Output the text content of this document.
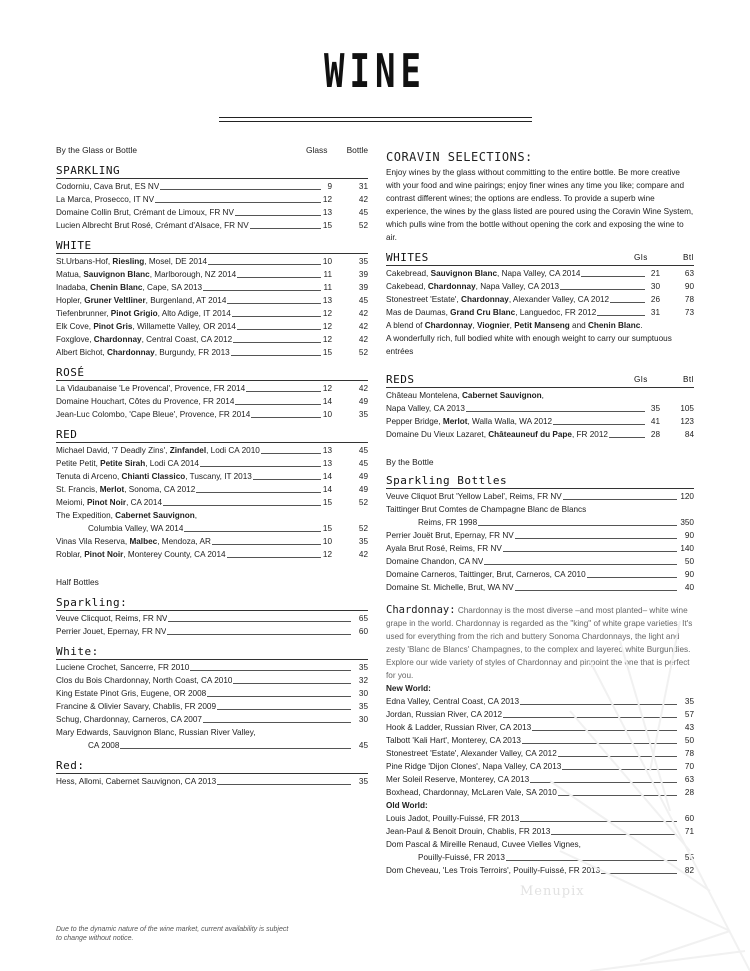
WINE
By the Glass or Bottle	Glass	Bottle
SPARKLING
Codorniu, Cava Brut, ES NV	9	31
La Marca, Prosecco, IT NV	12	42
Domaine Collin Brut, Crémant de Limoux, FR NV	13	45
Lucien Albrecht Brut Rosé, Crémant d'Alsace, FR NV	15	52
WHITE
St.Urbans-Hof, Riesling, Mosel, DE 2014	10	35
Matua, Sauvignon Blanc, Marlborough, NZ 2014	11	39
Inadaba, Chenin Blanc, Cape, SA 2013	11	39
Hopler, Gruner Veltliner, Burgenland, AT 2014	13	45
Tiefenbrunner, Pinot Grigio, Alto Adige, IT 2014	12	42
Elk Cove, Pinot Gris, Willamette Valley, OR 2014	12	42
Foxglove, Chardonnay, Central Coast, CA 2012	12	42
Albert Bichot, Chardonnay, Burgundy, FR 2013	15	52
ROSÉ
La Vidaubanaise 'Le Provencal', Provence, FR 2014	12	42
Domaine Houchart, Côtes du Provence, FR 2014	14	49
Jean-Luc Colombo, 'Cape Bleue', Provence, FR 2014	10	35
RED
Michael David, '7 Deadly Zins', Zinfandel, Lodi CA 2010	13	45
Petite Petit, Petite Sirah, Lodi CA 2014	13	45
Tenuta di Arceno, Chianti Classico, Tuscany, IT 2013	14	49
St. Francis, Merlot, Sonoma, CA 2012	14	49
Meiomi, Pinot Noir, CA 2014	15	52
The Expedition, Cabernet Sauvignon,
Columbia Valley, WA 2014	15	52
Vinas Vila Reserva, Malbec, Mendoza, AR	10	35
Roblar, Pinot Noir, Monterey County, CA 2014	12	42
Half Bottles
Sparkling:
Veuve Clicquot, Reims, FR NV	65
Perrier Jouet, Epernay, FR NV	60
White:
Luciene Crochet, Sancerre, FR 2010	35
Clos du Bois Chardonnay, North Coast, CA 2010	32
King Estate Pinot Gris, Eugene, OR 2008	30
Francine & Olivier Savary, Chablis, FR 2009	35
Schug, Chardonnay, Carneros, CA 2007	30
Mary Edwards, Sauvignon Blanc, Russian River Valley,
CA 2008	45
Red:
Hess, Allomi, Cabernet Sauvignon, CA 2013	35
CORAVIN SELECTIONS:
Enjoy wines by the glass without committing to the entire bottle. Be more creative with your food and wine pairings; enjoy finer wines any time you like; compare and contrast different wines; the options are endless. To provide a superb wine experience, the wines by the glass listed are poured using the Coravin Wine System, which pulls wine from the bottle without opening the cork and exposing the wine to air.
WHITES	Gls	Btl
Cakebread, Sauvignon Blanc, Napa Valley, CA 2014	21	63
Cakebead, Chardonnay, Napa Valley, CA 2013	30	90
Stonestreet 'Estate', Chardonnay, Alexander Valley, CA 2012	26	78
Mas de Daumas, Grand Cru Blanc, Languedoc, FR 2012	31	73
A blend of Chardonnay, Viognier, Petit Manseng and Chenin Blanc.
A wonderfully rich, full bodied white with enough weight to carry our sumptuous entrées
REDS	Gls	Btl
Château Montelena, Cabernet Sauvignon,
Napa Valley, CA 2013	35	105
Pepper Bridge, Merlot, Walla Walla, WA 2012	41	123
Domaine Du Vieux Lazaret, Châteauneuf du Pape, FR 2012	28	84
By the Bottle
Sparkling Bottles
Veuve Cliquot Brut 'Yellow Label', Reims, FR NV	120
Taittinger Brut Comtes de Champagne Blanc de Blancs
Reims, FR 1998	350
Perrier Jouët Brut, Epernay, FR NV	90
Ayala Brut Rosé, Reims, FR NV	140
Domaine Chandon, CA NV	50
Domaine Carneros, Taittinger, Brut, Carneros, CA 2010	90
Domaine St. Michelle, Brut, WA NV	40
Chardonnay: Chardonnay is the most diverse –and most planted– white wine grape in the world. Chardonnay is regarded as the "king" of white grape varieties. It's used for everything from the rich and buttery Sonoma Chardonnays, the light and zesty 'Blanc de Blancs' Champagnes, to the complex and layered white Burgundies. Explore our wide variety of styles of Chardonnay and pinpoint the one that is perfect for you.
New World:
Edna Valley, Central Coast, CA 2013	35
Jordan, Russian River, CA 2012	57
Hook & Ladder, Russian River, CA 2013	43
Talbott 'Kali Hart', Monterey, CA 2013	50
Stonestreet 'Estate', Alexander Valley, CA 2012	78
Pine Ridge 'Dijon Clones', Napa Valley, CA 2013	70
Mer Soleil Reserve, Monterey, CA 2013	63
Boxhead, Chardonnay, McLaren Vale, SA 2010	28
Old World:
Louis Jadot, Pouilly-Fuissé, FR 2013	60
Jean-Paul & Benoit Drouin, Chablis, FR 2013	71
Dom Pascal & Mireille Renaud, Cuvee Vielles Vignes,
Pouilly-Fuissé, FR 2013	55
Dom Cheveau, 'Les Trois Terroirs', Pouilly-Fuissé, FR 2013	82
Due to the dynamic nature of the wine market, current availability is subject to change without notice.
Menupix
